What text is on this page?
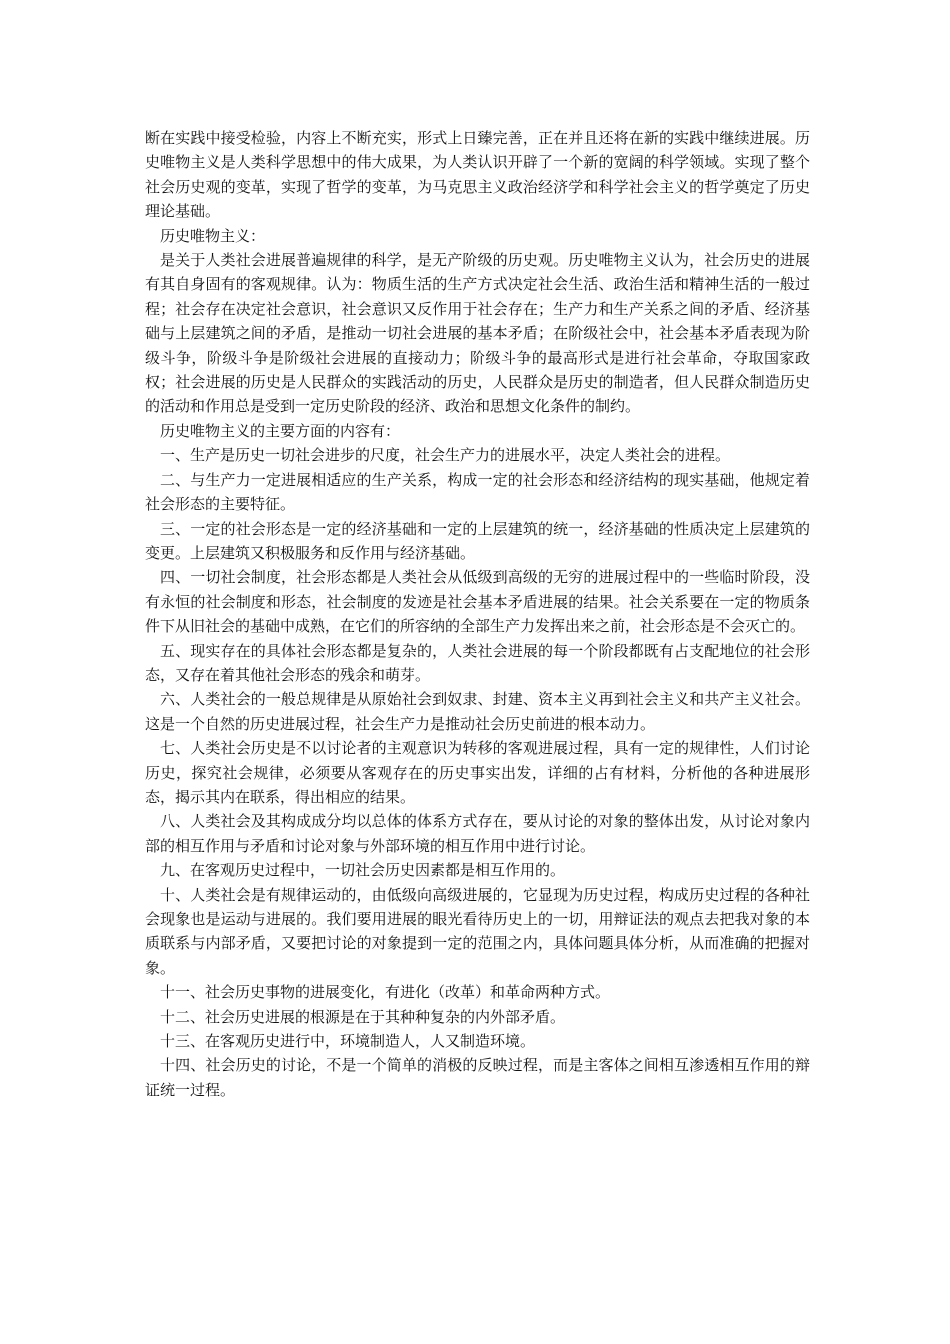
断在实践中接受检验，内容上不断充实，形式上日臻完善，正在并且还将在新的实践中继续进展。历史唯物主义是人类科学思想中的伟大成果，为人类认识开辟了一个新的宽阔的科学领域。实现了整个社会历史观的变革，实现了哲学的变革，为马克思主义政治经济学和科学社会主义的哲学奠定了历史理论基础。

历史唯物主义：

是关于人类社会进展普遍规律的科学，是无产阶级的历史观。历史唯物主义认为，社会历史的进展有其自身固有的客观规律。认为：物质生活的生产方式决定社会生活、政治生活和精神生活的一般过程；社会存在决定社会意识，社会意识又反作用于社会存在；生产力和生产关系之间的矛盾、经济基础与上层建筑之间的矛盾，是推动一切社会进展的基本矛盾；在阶级社会中，社会基本矛盾表现为阶级斗争，阶级斗争是阶级社会进展的直接动力；阶级斗争的最高形式是进行社会革命，夺取国家政权；社会进展的历史是人民群众的实践活动的历史，人民群众是历史的制造者，但人民群众制造历史的活动和作用总是受到一定历史阶段的经济、政治和思想文化条件的制约。

历史唯物主义的主要方面的内容有：

一、生产是历史一切社会进步的尺度，社会生产力的进展水平，决定人类社会的进程。

二、与生产力一定进展相适应的生产关系，构成一定的社会形态和经济结构的现实基础，他规定着社会形态的主要特征。

三、一定的社会形态是一定的经济基础和一定的上层建筑的统一，经济基础的性质决定上层建筑的变更。上层建筑又积极服务和反作用与经济基础。

四、一切社会制度，社会形态都是人类社会从低级到高级的无穷的进展过程中的一些临时阶段，没有永恒的社会制度和形态，社会制度的发迹是社会基本矛盾进展的结果。社会关系要在一定的物质条件下从旧社会的基础中成熟，在它们的所容纳的全部生产力发挥出来之前，社会形态是不会灭亡的。

五、现实存在的具体社会形态都是复杂的，人类社会进展的每一个阶段都既有占支配地位的社会形态，又存在着其他社会形态的残余和萌芽。

六、人类社会的一般总规律是从原始社会到奴隶、封建、资本主义再到社会主义和共产主义社会。这是一个自然的历史进展过程，社会生产力是推动社会历史前进的根本动力。

七、人类社会历史是不以讨论者的主观意识为转移的客观进展过程，具有一定的规律性，人们讨论历史，探究社会规律，必须要从客观存在的历史事实出发，详细的占有材料，分析他的各种进展形态，揭示其内在联系，得出相应的结果。

八、人类社会及其构成成分均以总体的体系方式存在，要从讨论的对象的整体出发，从讨论对象内部的相互作用与矛盾和讨论对象与外部环境的相互作用中进行讨论。

九、在客观历史过程中，一切社会历史因素都是相互作用的。

十、人类社会是有规律运动的，由低级向高级进展的，它显现为历史过程，构成历史过程的各种社会现象也是运动与进展的。我们要用进展的眼光看待历史上的一切，用辩证法的观点去把我对象的本质联系与内部矛盾，又要把讨论的对象提到一定的范围之内，具体问题具体分析，从而准确的把握对象。

十一、社会历史事物的进展变化，有进化（改革）和革命两种方式。

十二、社会历史进展的根源是在于其种种复杂的内外部矛盾。

十三、在客观历史进行中，环境制造人，人又制造环境。

十四、社会历史的讨论，不是一个简单的消极的反映过程，而是主客体之间相互渗透相互作用的辩证统一过程。
